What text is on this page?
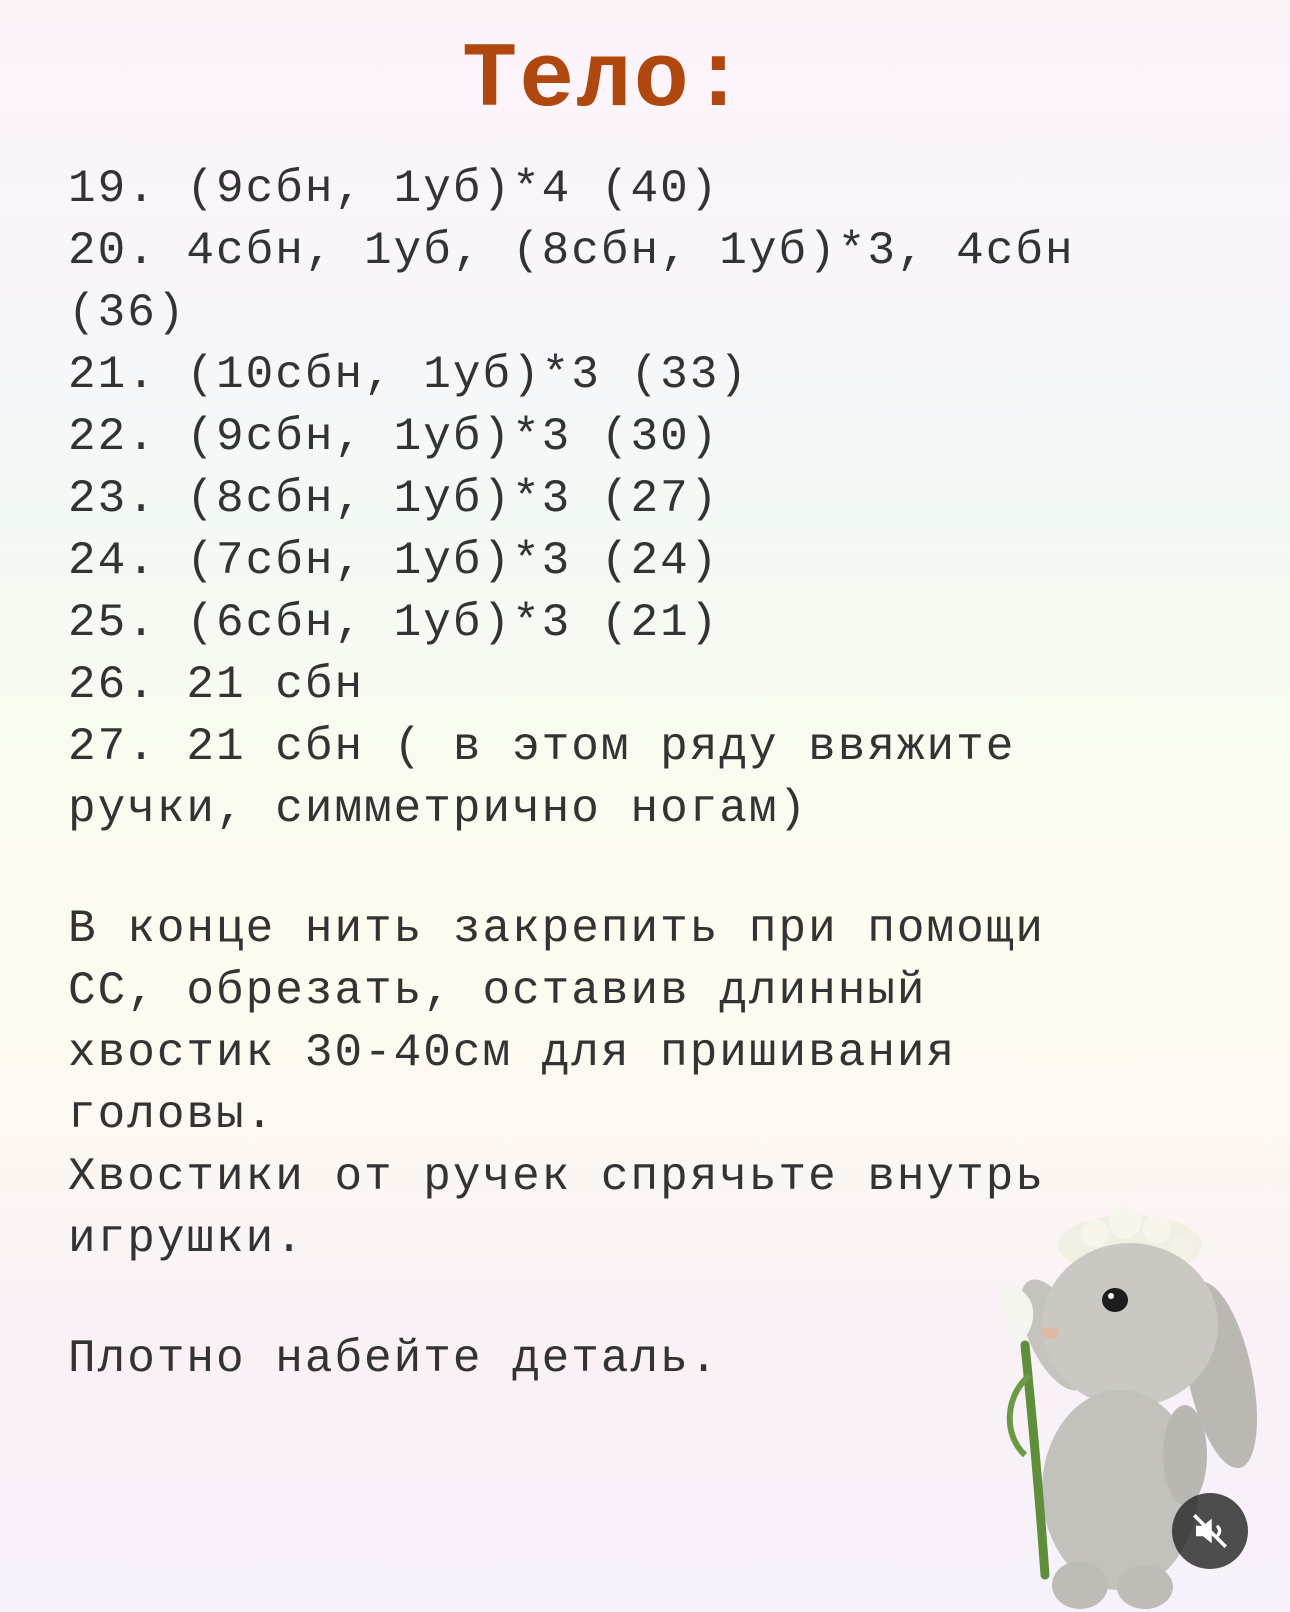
Тело:
19. (9сбн, 1уб)*4 (40)
20. 4сбн, 1уб, (8сбн, 1уб)*3, 4сбн
(36)
21. (10сбн, 1уб)*3 (33)
22. (9сбн, 1уб)*3 (30)
23. (8сбн, 1уб)*3 (27)
24. (7сбн, 1уб)*3 (24)
25. (6сбн, 1уб)*3 (21)
26. 21 сбн
27. 21 сбн ( в этом ряду ввяжите
ручки, симметрично ногам)
В конце нить закрепить при помощи
СС, обрезать, оставив длинный
хвостик 30-40см для пришивания
головы.
Хвостики от ручек спрячьте внутрь
игрушки.
Плотно набейте деталь.
